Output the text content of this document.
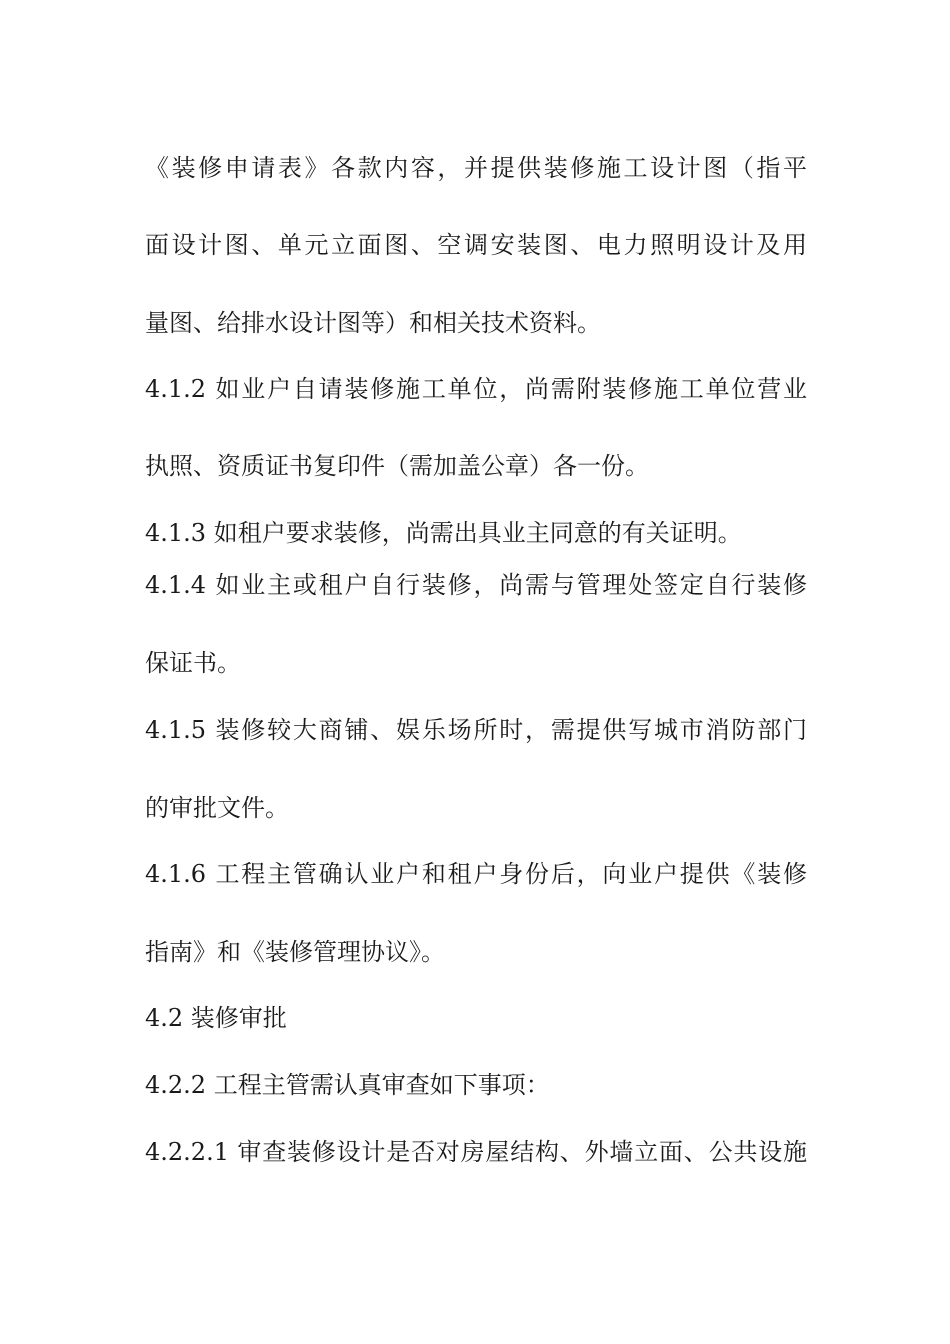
《装修申请表》各款内容，并提供装修施工设计图（指平
面设计图、单元立面图、空调安装图、电力照明设计及用
量图、给排水设计图等）和相关技术资料。
4.1.2 如业户自请装修施工单位，尚需附装修施工单位营业
执照、资质证书复印件（需加盖公章）各一份。
4.1.3 如租户要求装修，尚需出具业主同意的有关证明。
4.1.4 如业主或租户自行装修，尚需与管理处签定自行装修
保证书。
4.1.5 装修较大商铺、娱乐场所时，需提供写城市消防部门
的审批文件。
4.1.6 工程主管确认业户和租户身份后，向业户提供《装修
指南》和《装修管理协议》。
4.2 装修审批
4.2.2 工程主管需认真审查如下事项：
4.2.2.1 审查装修设计是否对房屋结构、外墙立面、公共设施
